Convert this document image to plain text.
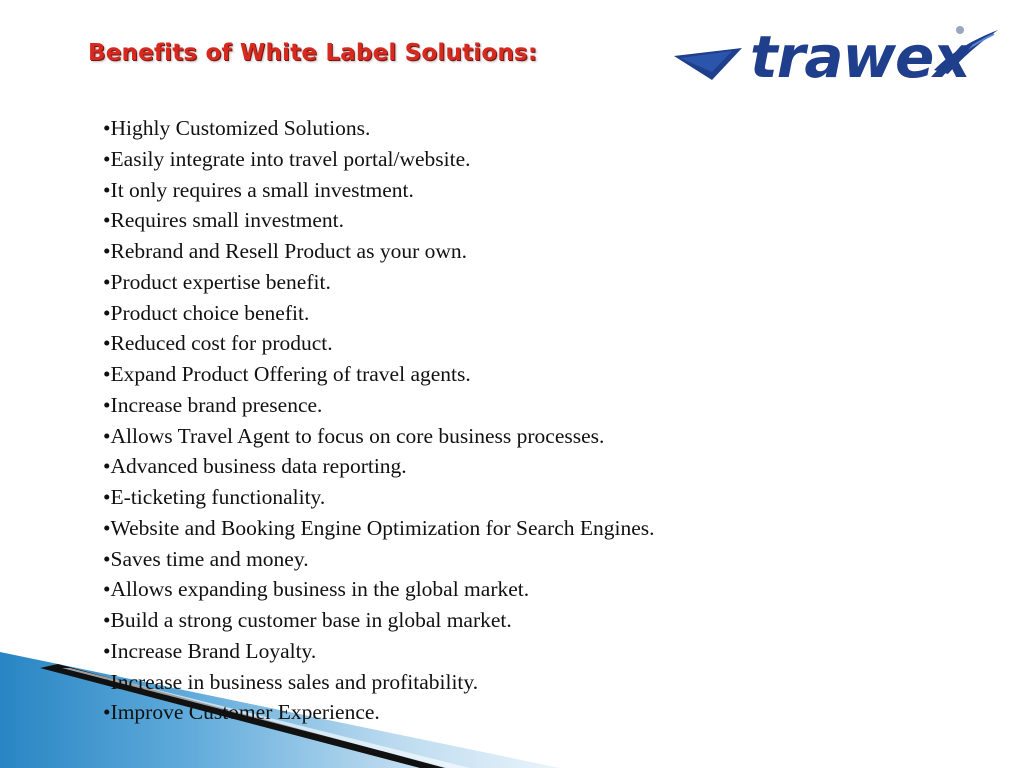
Benefits of White Label Solutions:	trawex
•Highly Customized Solutions.
•Easily integrate into travel portal/website.
•It only requires a small investment.
•Requires small investment.
•Rebrand and Resell Product as your own.
•Product expertise benefit.
•Product choice benefit.
•Reduced cost for product.
•Expand Product Offering of travel agents.
•Increase brand presence.
•Allows Travel Agent to focus on core business processes.
•Advanced business data reporting.
•E-ticketing functionality.
•Website and Booking Engine Optimization for Search Engines.
•Saves time and money.
•Allows expanding business in the global market.
•Build a strong customer base in global market.
•Increase Brand Loyalty.
•Increase in business sales and profitability.
•Improve Customer Experience.
